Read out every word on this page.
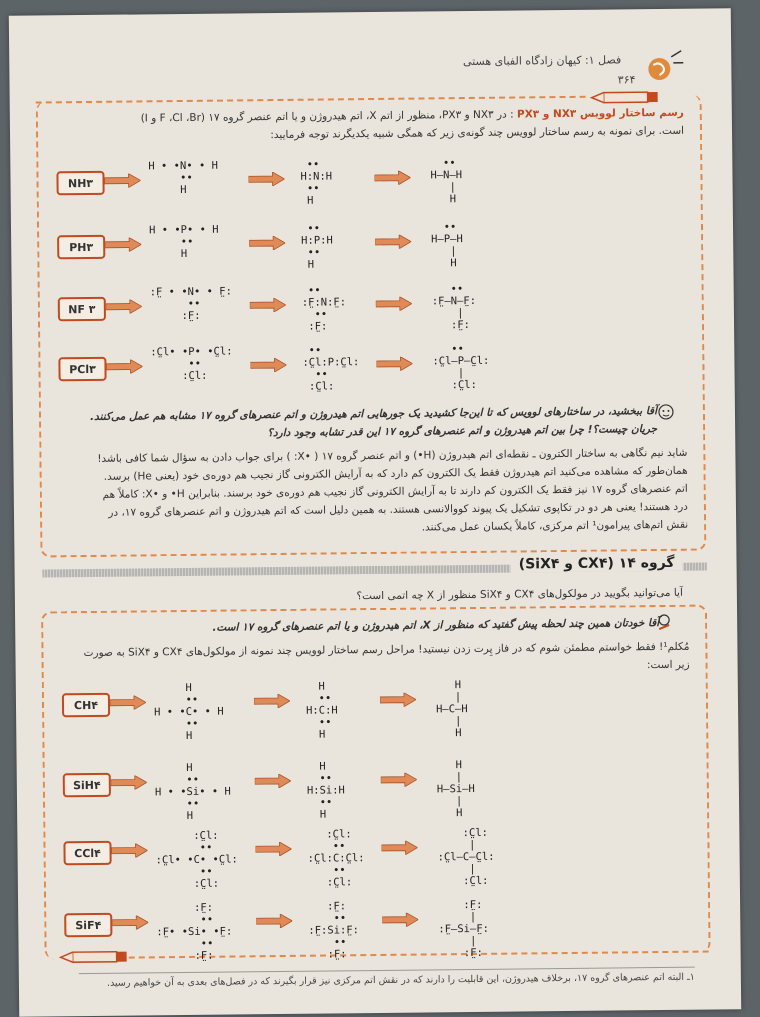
فصل ۱: کیهان زادگاه الفبای هستی
۳۶۴
رسم ساختار لوویس NX۳ و PX۳ : در NX۳ و PX۳، منظور از اتم X، اتم هیدروژن و یا اتم عنصر گروه ۱۷ (F ،Cl ،Br و I)
است. برای نمونه به رسم ساختار لوویس چند گونه‌ی زیر که همگی شبیه یکدیگرند توجه فرمایید:
آقا ببخشید، در ساختارهای لوویس که تا این‌جا کشیدید یک جورهایی اتم هیدروژن و اتم عنصرهای گروه ۱۷ مشابه هم عمل می‌کنند.
جریان چیست؟! چرا بین اتم هیدروژن و اتم عنصرهای گروه ۱۷ این قدر تشابه وجود دارد؟
شاید نیم نگاهی به ساختار الکترون ـ نقطه‌ای اتم هیدروژن (H•) و اتم عنصر گروه ۱۷ ( •X: ) برای جواب دادن به سؤال شما کافی باشد!
همان‌طور که مشاهده می‌کنید اتم هیدروژن فقط یک الکترون کم دارد که به آرایش الکترونی گاز نجیب هم دوره‌ی خود (یعنی He) برسد.
اتم عنصرهای گروه ۱۷ نیز فقط یک الکترون کم دارند تا به آرایش الکترونی گاز نجیب هم دوره‌ی خود برسند. بنابراین H• و •X: کاملاً هم
درد هستند! یعنی هر دو در تکاپوی تشکیل یک پیوند کووالانسی هستند. به همین دلیل است که اتم هیدروژن و اتم عنصرهای گروه ۱۷، در
نقش اتم‌های پیرامون¹ اتم مرکزی، کاملاً یکسان عمل می‌کنند.
گروه ۱۴ (CX۴ و SiX۴)
آیا می‌توانید بگویید در مولکول‌های CX۴ و SiX۴ منظور از X چه اتمی است؟
آقا خودتان همین چند لحظه پیش گفتید که منظور از X، اتم هیدروژن و یا اتم عنصرهای گروه ۱۷ است.
مُکلم¹! فقط خواستم مطمئن شوم که در فاز پِرت زدن نیستید! مراحل رسم ساختار لوویس چند نمونه از مولکول‌های CX۴ و SiX۴ به صورت
زیر است:
۱ـ البته اتم عنصرهای گروه ۱۷، برخلاف هیدروژن، این قابلیت را دارند که در نقش اتم مرکزی نیز قرار بگیرند که در فصل‌های بعدی به آن خواهیم رسید.
NH۳
H • •N• • H
••
H
••
H:N:H
••
H
••
H—N—H
|
H
PH۳
H • •P• • H
••
H
••
H:P:H
••
H
••
H—P—H
|
H
NF ۳
:F̤ • •N• • F̤:
••
:F̤:
••
:F̤:N:F̤:
••
:F̤:
••
:F̤—N—F̤:
|
:F̤:
PCl۳
:C̤l• •P• •C̤l:
••
:C̤l:
••
:C̤l:P:C̤l:
••
:C̤l:
••
:C̤l—P—C̤l:
|
:C̤l:
CH۴
H
••
H • •C• • H
••
H
H
••
H:C:H
••
H
H
|
H—C—H
|
H
SiH۴
H
••
H • •Si• • H
••
H
H
••
H:Si:H
••
H
H
|
H—Si—H
|
H
CCl۴
:C̤l:
••
:C̤l• •C• •C̤l:
••
:C̤l:
:C̤l:
••
:C̤l:C:C̤l:
••
:C̤l:
:C̤l:
|
:C̤l—C—C̤l:
|
:C̤l:
SiF۴
:F̤:
••
:F̤• •Si• •F̤:
••
:F̤:
:F̤:
••
:F̤:Si:F̤:
••
:F̤:
:F̤:
|
:F̤—Si—F̤:
|
:F̤:
